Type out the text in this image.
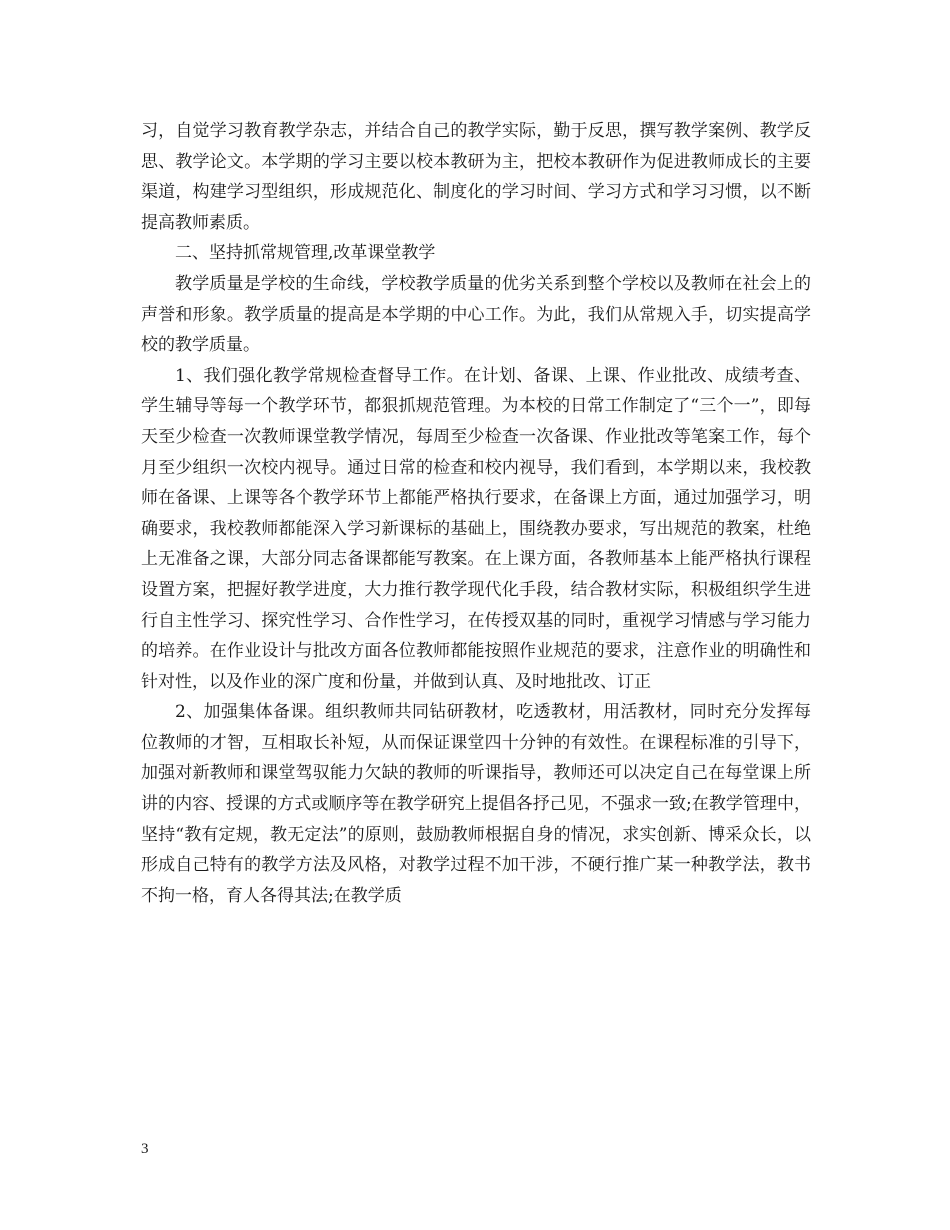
习，自觉学习教育教学杂志，并结合自己的教学实际，勤于反思，撰写教学案例、教学反思、教学论文。本学期的学习主要以校本教研为主，把校本教研作为促进教师成长的主要渠道，构建学习型组织，形成规范化、制度化的学习时间、学习方式和学习习惯，以不断提高教师素质。

二、坚持抓常规管理,改革课堂教学

教学质量是学校的生命线，学校教学质量的优劣关系到整个学校以及教师在社会上的声誉和形象。教学质量的提高是本学期的中心工作。为此，我们从常规入手，切实提高学校的教学质量。

1、我们强化教学常规检查督导工作。在计划、备课、上课、作业批改、成绩考查、学生辅导等每一个教学环节，都狠抓规范管理。为本校的日常工作制定了“三个一”，即每天至少检查一次教师课堂教学情况，每周至少检查一次备课、作业批改等笔案工作，每个月至少组织一次校内视导。通过日常的检查和校内视导，我们看到，本学期以来，我校教师在备课、上课等各个教学环节上都能严格执行要求，在备课上方面，通过加强学习，明确要求，我校教师都能深入学习新课标的基础上，围绕教办要求，写出规范的教案，杜绝上无准备之课，大部分同志备课都能写教案。在上课方面，各教师基本上能严格执行课程设置方案，把握好教学进度，大力推行教学现代化手段，结合教材实际，积极组织学生进行自主性学习、探究性学习、合作性学习，在传授双基的同时，重视学习情感与学习能力的培养。在作业设计与批改方面各位教师都能按照作业规范的要求，注意作业的明确性和针对性，以及作业的深广度和份量，并做到认真、及时地批改、订正

2、加强集体备课。组织教师共同钻研教材，吃透教材，用活教材，同时充分发挥每位教师的才智，互相取长补短，从而保证课堂四十分钟的有效性。在课程标准的引导下，加强对新教师和课堂驾驭能力欠缺的教师的听课指导，教师还可以决定自己在每堂课上所讲的内容、授课的方式或顺序等在教学研究上提倡各抒己见，不强求一致;在教学管理中，坚持“教有定规，教无定法”的原则，鼓励教师根据自身的情况，求实创新、博采众长，以形成自己特有的教学方法及风格，对教学过程不加干涉，不硬行推广某一种教学法，教书不拘一格，育人各得其法;在教学质

3
